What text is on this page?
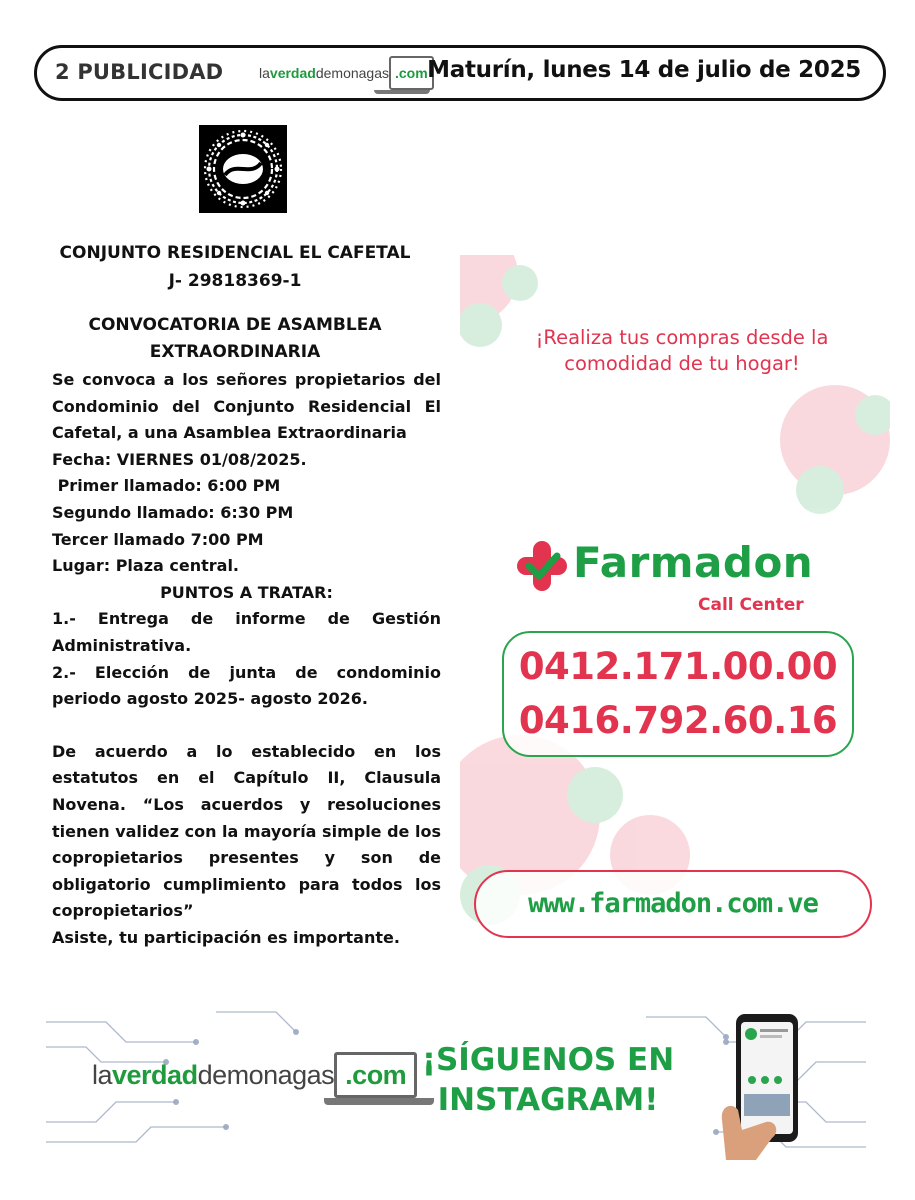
2 PUBLICIDAD	laverdaddemonagas .com Maturín, lunes 14 de julio de 2025
CONJUNTO RESIDENCIAL EL CAFETAL
J- 29818369-1
CONVOCATORIA DE ASAMBLEA
EXTRAORDINARIA

Se convoca a los señores propietarios del Condominio del Conjunto Residencial El Cafetal, a una Asamblea Extraordinaria

Fecha: VIERNES 01/08/2025.

Primer llamado: 6:00 PM

Segundo llamado: 6:30 PM

Tercer llamado 7:00 PM

Lugar: Plaza central.

PUNTOS A TRATAR:

1.- Entrega de informe de Gestión Administrativa.

2.- Elección de junta de condominio periodo agosto 2025- agosto 2026.

De acuerdo a lo establecido en los estatutos en el Capítulo II, Clausula Novena. “Los acuerdos y resoluciones tienen validez con la mayoría simple de los copropietarios presentes y son de obligatorio cumplimiento para todos los copropietarios”

Asiste, tu participación es importante.

¡Realiza tus compras desde la comodidad de tu hogar!
Farmadon
Call Center
0412.171.00.00
0416.792.60.16
www.farmadon.com.ve
laverdaddemonagas .com ¡SÍGUENOS EN
INSTAGRAM!
